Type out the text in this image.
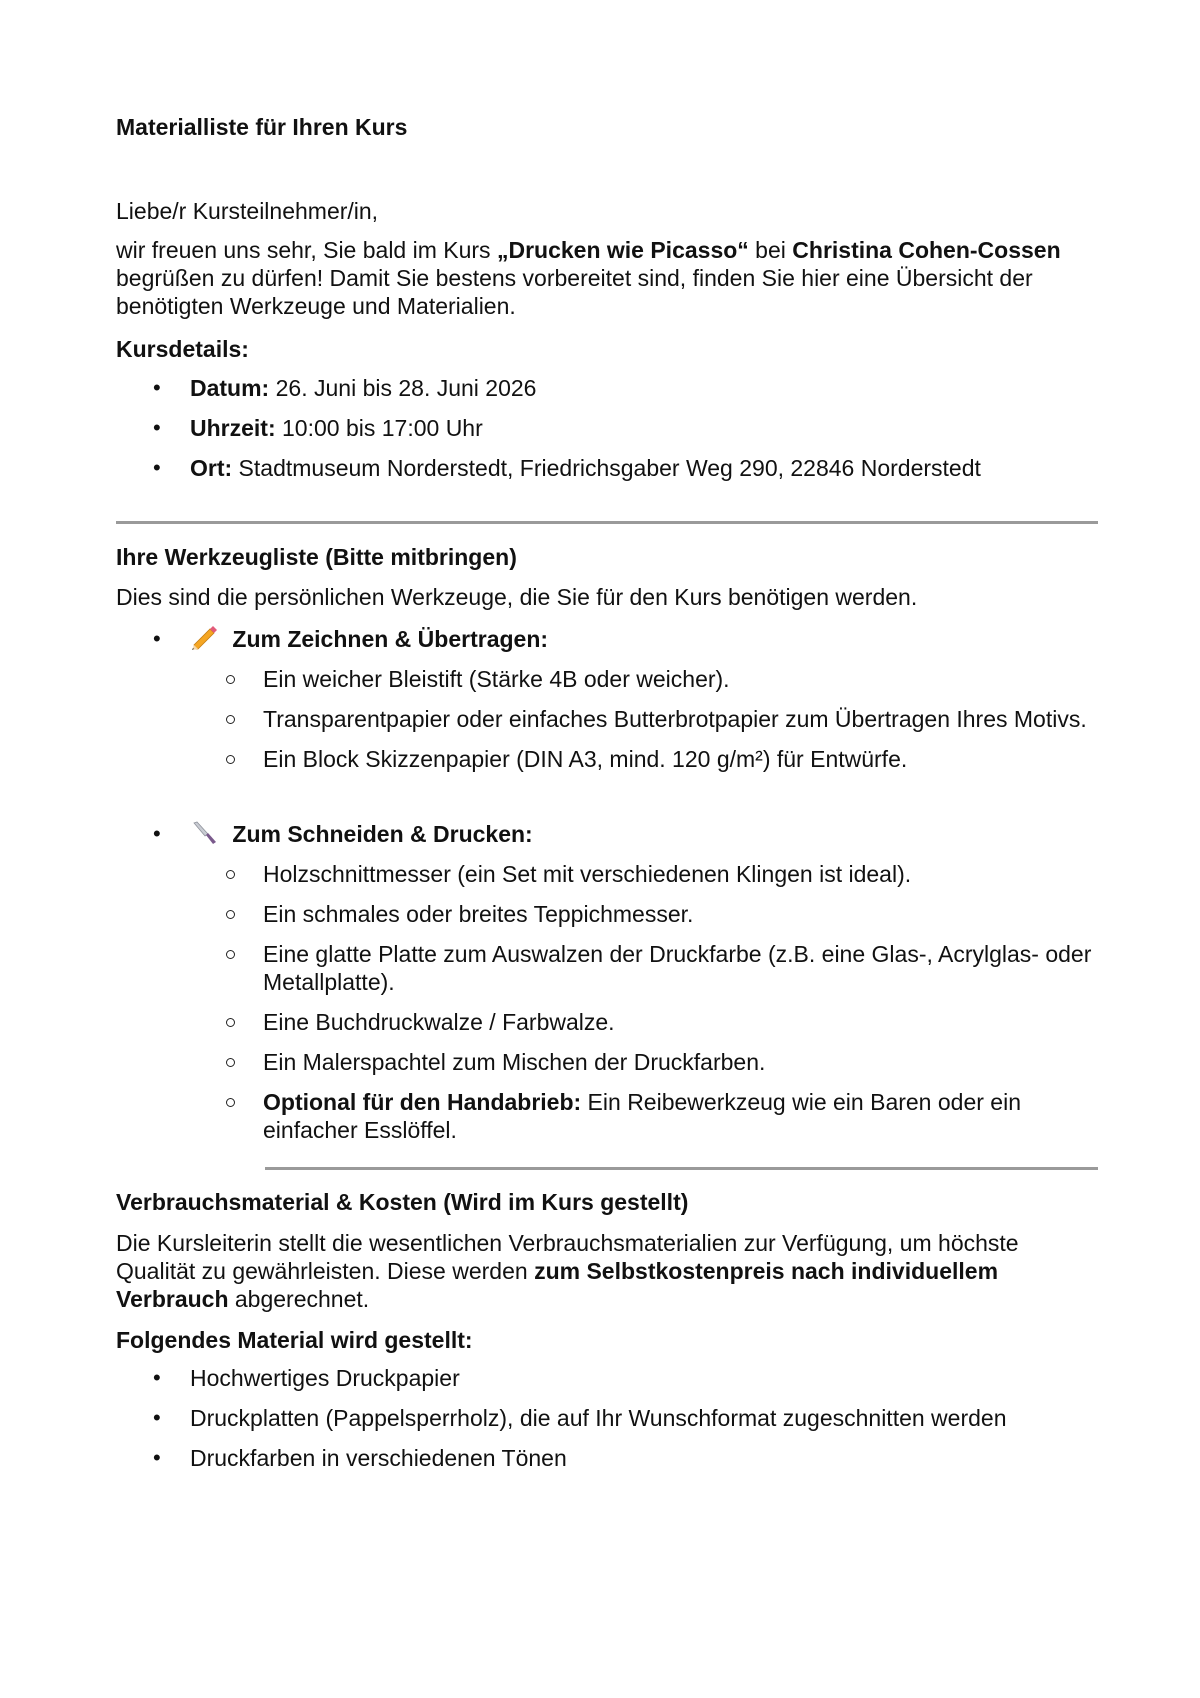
Materialliste für Ihren Kurs

Liebe/r Kursteilnehmer/in,

wir freuen uns sehr, Sie bald im Kurs „Drucken wie Picasso“ bei Christina Cohen-Cossen begrüßen zu dürfen! Damit Sie bestens vorbereitet sind, finden Sie hier eine Übersicht der benötigten Werkzeuge und Materialien.

Kursdetails:

• Datum: 26. Juni bis 28. Juni 2026
• Uhrzeit: 10:00 bis 17:00 Uhr
• Ort: Stadtmuseum Norderstedt, Friedrichsgaber Weg 290, 22846 Norderstedt

Ihre Werkzeugliste (Bitte mitbringen)

Dies sind die persönlichen Werkzeuge, die Sie für den Kurs benötigen werden.

•	Zum Zeichnen & Übertragen:
Ein weicher Bleistift (Stärke 4B oder weicher).
Transparentpapier oder einfaches Butterbrotpapier zum Übertragen Ihres Motivs.
Ein Block Skizzenpapier (DIN A3, mind. 120 g/m²) für Entwürfe.
•	Zum Schneiden & Drucken:
Holzschnittmesser (ein Set mit verschiedenen Klingen ist ideal).
Ein schmales oder breites Teppichmesser.
Eine glatte Platte zum Auswalzen der Druckfarbe (z.B. eine Glas-, Acrylglas- oder Metallplatte).
Eine Buchdruckwalze / Farbwalze.
Ein Malerspachtel zum Mischen der Druckfarben.
Optional für den Handabrieb: Ein Reibewerkzeug wie ein Baren oder ein einfacher Esslöffel.

Verbrauchsmaterial & Kosten (Wird im Kurs gestellt)

Die Kursleiterin stellt die wesentlichen Verbrauchsmaterialien zur Verfügung, um höchste Qualität zu gewährleisten. Diese werden zum Selbstkostenpreis nach individuellem Verbrauch abgerechnet.

Folgendes Material wird gestellt:

• Hochwertiges Druckpapier
• Druckplatten (Pappelsperrholz), die auf Ihr Wunschformat zugeschnitten werden
• Druckfarben in verschiedenen Tönen
